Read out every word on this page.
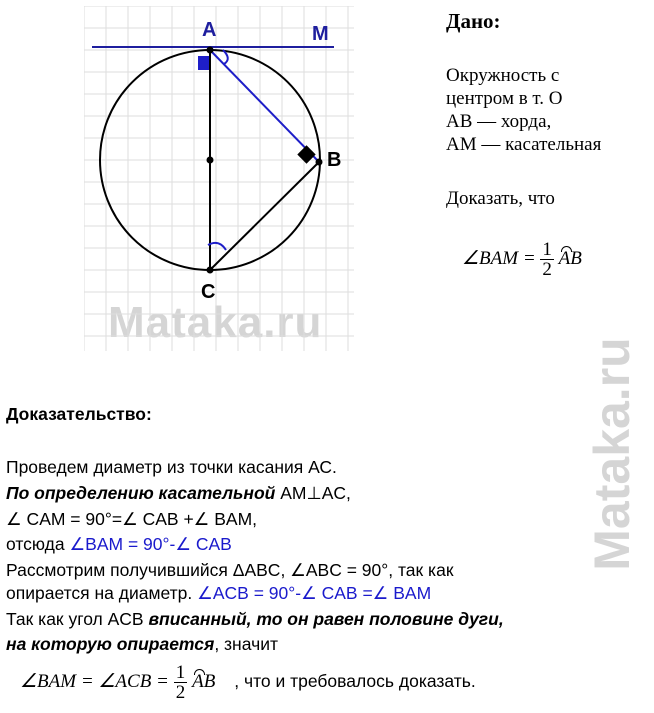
Mataka.ru
Mataka.ru
A	M
B
C
Дано:
Окружность с
центром в т. О
AB — хорда,
AM — касательная
Доказать, что
∠BAM = $\frac{1}{2}$ AB
Доказательство:
Проведем диаметр из точки касания АС.
По определению касательной AM⊥AC,
∠ CAM = 90°=∠ CAB +∠ BAM,
отсюда ∠BAM = 90°-∠ CAB
Рассмотрим получившийся ΔABC, ∠ABC = 90°, так как
опирается на диаметр. ∠ACB = 90°-∠ CAB =∠ BAM
Так как угол ACB вписанный, то он равен половине дуги,
на которую опирается, значит
∠BAM = ∠ACB = $\frac{1}{2}$ AB , что и требовалось доказать.
